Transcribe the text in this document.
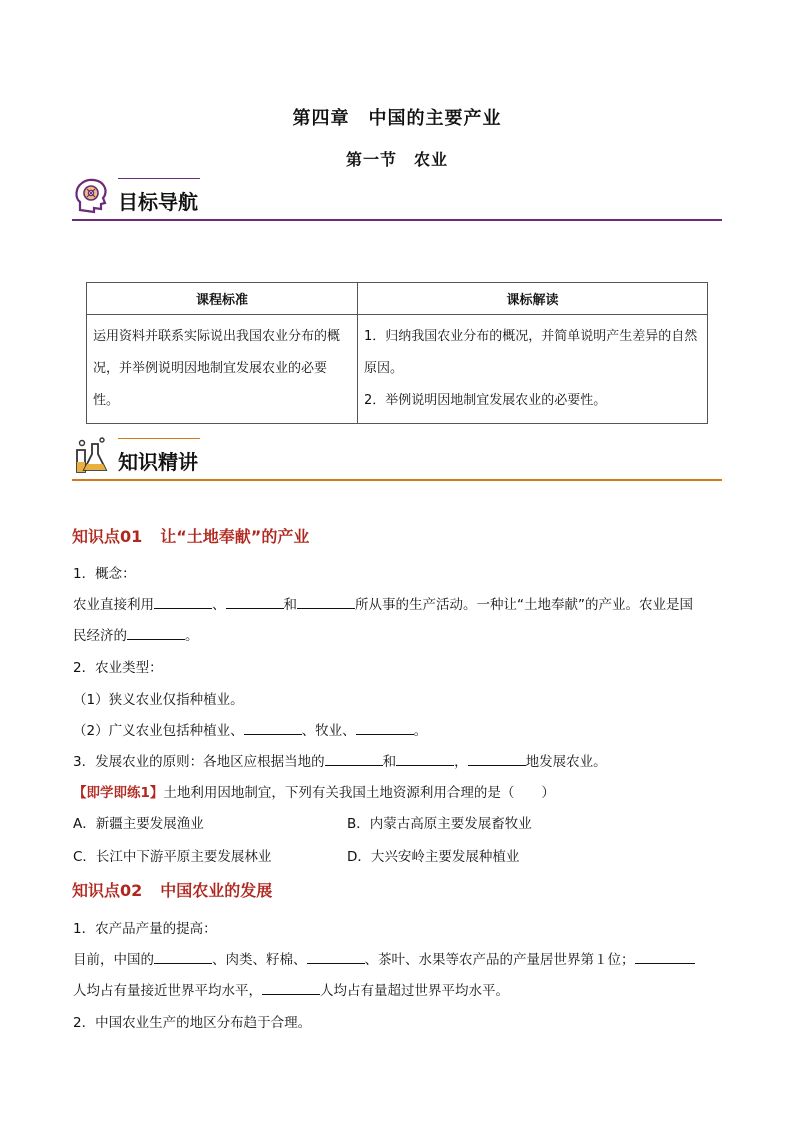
第四章　中国的主要产业
第一节　农业
目标导航
课程标准	课标解读
运用资料并联系实际说出我国农业分布的概况，并举例说明因地制宜发展农业的必要性。	1．归纳我国农业分布的概况，并简单说明产生差异的自然原因。
2．举例说明因地制宜发展农业的必要性。
知识精讲
知识点01 让“土地奉献”的产业
1．概念：
农业直接利用	、	和	所从事的生产活动。一种让“土地奉献”的产业。农业是国
民经济的	。
2．农业类型：
（1）狭义农业仅指种植业。
（2）广义农业包括种植业、	、牧业、	。
3．发展农业的原则：各地区应根据当地的	和	，	地发展农业。
【即学即练1】土地利用因地制宜，下列有关我国土地资源利用合理的是（　　）
A．新疆主要发展渔业	B．内蒙古高原主要发展畜牧业
C．长江中下游平原主要发展林业	D．大兴安岭主要发展种植业
知识点02 中国农业的发展
1．农产品产量的提高：
目前，中国的	、肉类、籽棉、	、茶叶、水果等农产品的产量居世界第１位；
人均占有量接近世界平均水平，	人均占有量超过世界平均水平。
2．中国农业生产的地区分布趋于合理。
